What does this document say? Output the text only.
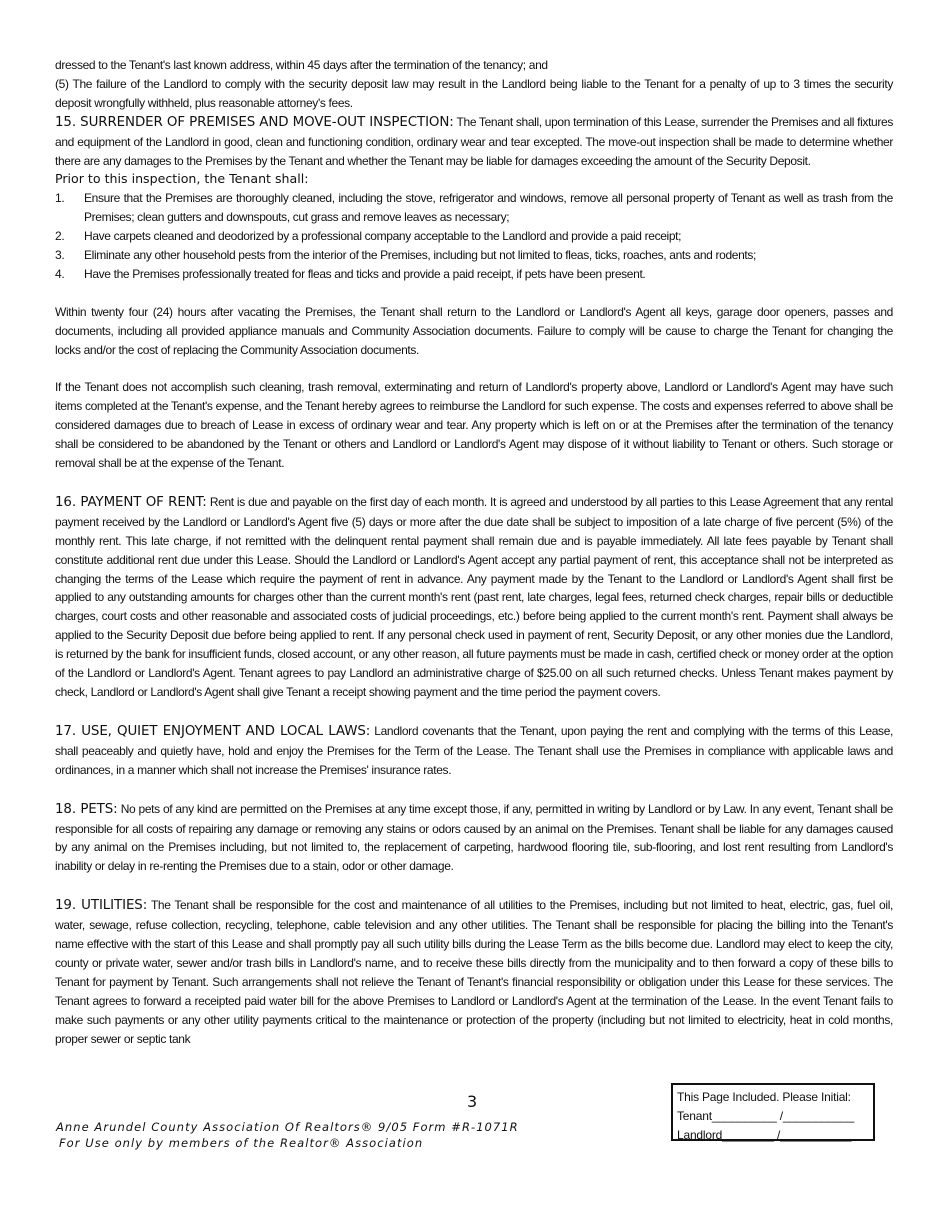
dressed to the Tenant's last known address, within 45 days after the termination of the tenancy; and

(5) The failure of the Landlord to comply with the security deposit law may result in the Landlord being liable to the Tenant for a penalty of up to 3 times the security deposit wrongfully withheld, plus reasonable attorney's fees.

15. SURRENDER OF PREMISES AND MOVE-OUT INSPECTION: The Tenant shall, upon termination of this Lease, surrender the Premises and all fixtures and equipment of the Landlord in good, clean and functioning condition, ordinary wear and tear excepted. The move-out inspection shall be made to determine whether there are any damages to the Premises by the Tenant and whether the Tenant may be liable for damages exceeding the amount of the Security Deposit.

Prior to this inspection, the Tenant shall:

1. Ensure that the Premises are thoroughly cleaned, including the stove, refrigerator and windows, remove all personal property of Tenant as well as trash from the Premises; clean gutters and downspouts, cut grass and remove leaves as necessary;
2. Have carpets cleaned and deodorized by a professional company acceptable to the Landlord and provide a paid receipt;
3. Eliminate any other household pests from the interior of the Premises, including but not limited to fleas, ticks, roaches, ants and rodents;
4. Have the Premises professionally treated for fleas and ticks and provide a paid receipt, if pets have been present.

Within twenty four (24) hours after vacating the Premises, the Tenant shall return to the Landlord or Landlord's Agent all keys, garage door openers, passes and documents, including all provided appliance manuals and Community Association documents. Failure to comply will be cause to charge the Tenant for changing the locks and/or the cost of replacing the Community Association documents.

If the Tenant does not accomplish such cleaning, trash removal, exterminating and return of Landlord's property above, Landlord or Landlord's Agent may have such items completed at the Tenant's expense, and the Tenant hereby agrees to reimburse the Landlord for such expense. The costs and expenses referred to above shall be considered damages due to breach of Lease in excess of ordinary wear and tear. Any property which is left on or at the Premises after the termination of the tenancy shall be considered to be abandoned by the Tenant or others and Landlord or Landlord's Agent may dispose of it without liability to Tenant or others. Such storage or removal shall be at the expense of the Tenant.

16. PAYMENT OF RENT: Rent is due and payable on the first day of each month. It is agreed and understood by all parties to this Lease Agreement that any rental payment received by the Landlord or Landlord's Agent five (5) days or more after the due date shall be subject to imposition of a late charge of five percent (5%) of the monthly rent. This late charge, if not remitted with the delinquent rental payment shall remain due and is payable immediately. All late fees payable by Tenant shall constitute additional rent due under this Lease. Should the Landlord or Landlord's Agent accept any partial payment of rent, this acceptance shall not be interpreted as changing the terms of the Lease which require the payment of rent in advance. Any payment made by the Tenant to the Landlord or Landlord's Agent shall first be applied to any outstanding amounts for charges other than the current month's rent (past rent, late charges, legal fees, returned check charges, repair bills or deductible charges, court costs and other reasonable and associated costs of judicial proceedings, etc.) before being applied to the current month's rent. Payment shall always be applied to the Security Deposit due before being applied to rent. If any personal check used in payment of rent, Security Deposit, or any other monies due the Landlord, is returned by the bank for insufficient funds, closed account, or any other reason, all future payments must be made in cash, certified check or money order at the option of the Landlord or Landlord's Agent. Tenant agrees to pay Landlord an administrative charge of $25.00 on all such returned checks. Unless Tenant makes payment by check, Landlord or Landlord's Agent shall give Tenant a receipt showing payment and the time period the payment covers.

17. USE, QUIET ENJOYMENT AND LOCAL LAWS: Landlord covenants that the Tenant, upon paying the rent and complying with the terms of this Lease, shall peaceably and quietly have, hold and enjoy the Premises for the Term of the Lease. The Tenant shall use the Premises in compliance with applicable laws and ordinances, in a manner which shall not increase the Premises' insurance rates.

18. PETS: No pets of any kind are permitted on the Premises at any time except those, if any, permitted in writing by Landlord or by Law. In any event, Tenant shall be responsible for all costs of repairing any damage or removing any stains or odors caused by an animal on the Premises. Tenant shall be liable for any damages caused by any animal on the Premises including, but not limited to, the replacement of carpeting, hardwood flooring tile, sub-flooring, and lost rent resulting from Landlord's inability or delay in re-renting the Premises due to a stain, odor or other damage.

19. UTILITIES: The Tenant shall be responsible for the cost and maintenance of all utilities to the Premises, including but not limited to heat, electric, gas, fuel oil, water, sewage, refuse collection, recycling, telephone, cable television and any other utilities. The Tenant shall be responsible for placing the billing into the Tenant's name effective with the start of this Lease and shall promptly pay all such utility bills during the Lease Term as the bills become due. Landlord may elect to keep the city, county or private water, sewer and/or trash bills in Landlord's name, and to receive these bills directly from the municipality and to then forward a copy of these bills to Tenant for payment by Tenant. Such arrangements shall not relieve the Tenant of Tenant's financial responsibility or obligation under this Lease for these services. The Tenant agrees to forward a receipted paid water bill for the above Premises to Landlord or Landlord's Agent at the termination of the Lease. In the event Tenant fails to make such payments or any other utility payments critical to the maintenance or protection of the property (including but not limited to electricity, heat in cold months, proper sewer or septic tank

3
Anne Arundel County Association Of Realtors® 9/05 Form #R-1071R
For Use only by members of the Realtor® Association
This Page Included. Please Initial:
Tenant__________ /___________
Landlord________ /___________
